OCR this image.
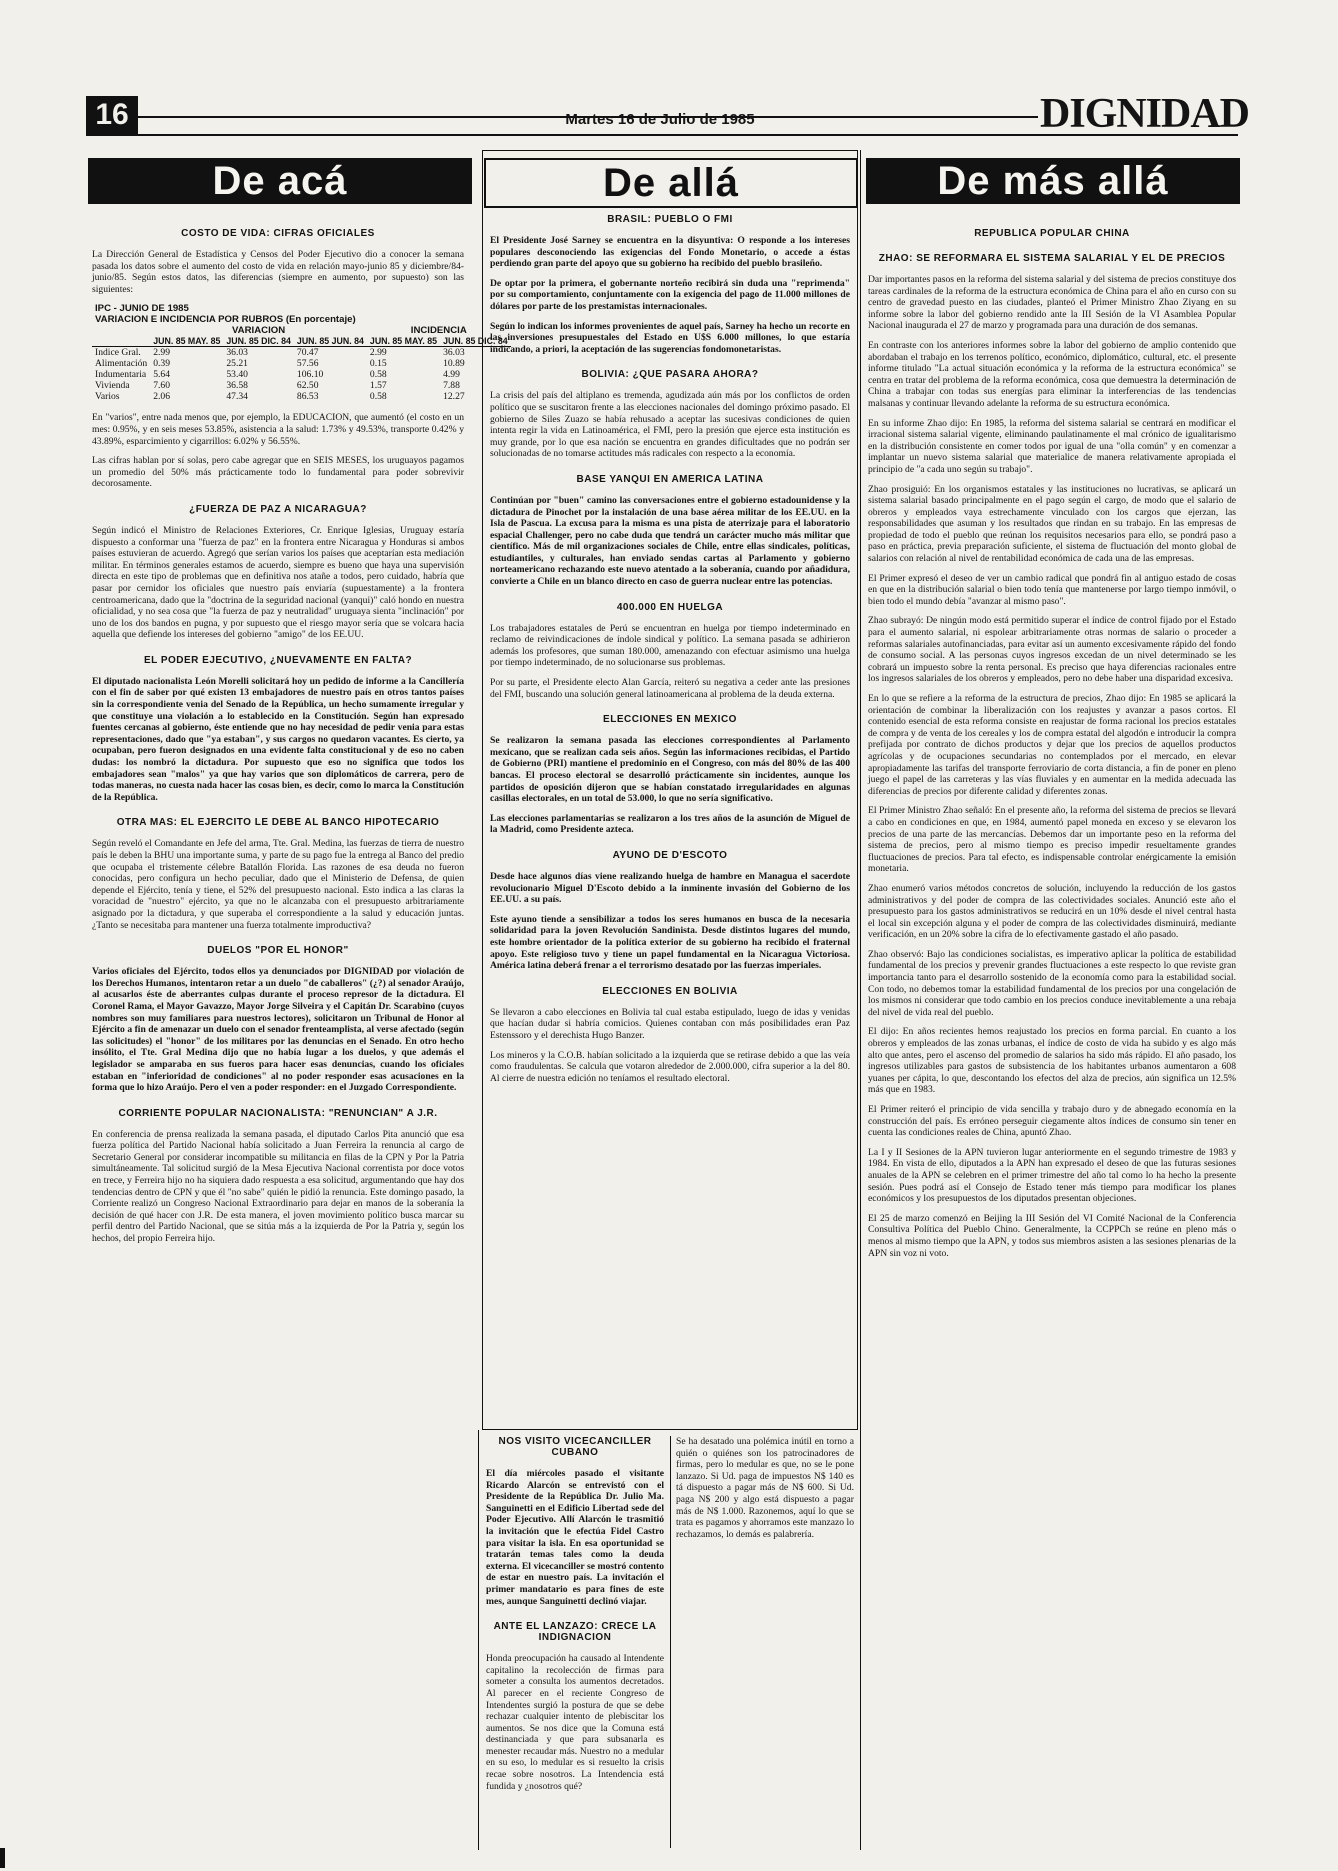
16	Martes 16 de Julio de 1985	DIGNIDAD
De acá	De allá	De más allá
COSTO DE VIDA: CIFRAS OFICIALES

La Dirección General de Estadística y Censos del Poder Ejecutivo dio a conocer la semana pasada los datos sobre el aumento del costo de vida en relación mayo-junio 85 y diciembre/84-junio/85. Según estos datos, las diferencias (siempre en aumento, por supuesto) son las siguientes:

IPC - JUNIO DE 1985					
VARIACION E INCIDENCIA POR RUBROS (En porcentaje)					
	VARIACION			INCIDENCIA	
	JUN. 85 MAY. 85	JUN. 85 DIC. 84	JUN. 85 JUN. 84	JUN. 85 MAY. 85	JUN. 85 DIC. 84
Indice Gral.	2.99	36.03	70.47	2.99	36.03
Alimentación	0.39	25.21	57.56	0.15	10.89
Indumentaria	5.64	53.40	106.10	0.58	4.99
Vivienda	7.60	36.58	62.50	1.57	7.88
Varios	2.06	47.34	86.53	0.58	12.27

En "varios", entre nada menos que, por ejemplo, la EDUCACION, que aumentó (el costo en un mes: 0.95%, y en seis meses 53.85%, asistencia a la salud: 1.73% y 49.53%, transporte 0.42% y 43.89%, esparcimiento y cigarrillos: 6.02% y 56.55%.

Las cifras hablan por sí solas, pero cabe agregar que en SEIS MESES, los uruguayos pagamos un promedio del 50% más prácticamente todo lo fundamental para poder sobrevivir decorosamente.

¿FUERZA DE PAZ A NICARAGUA?

Según indicó el Ministro de Relaciones Exteriores, Cr. Enrique Iglesias, Uruguay estaría dispuesto a conformar una "fuerza de paz" en la frontera entre Nicaragua y Honduras si ambos países estuvieran de acuerdo. Agregó que serían varios los países que aceptarían esta mediación militar. En términos generales estamos de acuerdo, siempre es bueno que haya una supervisión directa en este tipo de problemas que en definitiva nos atañe a todos, pero cuidado, habría que pasar por cernidor los oficiales que nuestro país enviaría (supuestamente) a la frontera centroamericana, dado que la "doctrina de la seguridad nacional (yanqui)" caló hondo en nuestra oficialidad, y no sea cosa que "la fuerza de paz y neutralidad" uruguaya sienta "inclinación" por uno de los dos bandos en pugna, y por supuesto que el riesgo mayor sería que se volcara hacia aquella que defiende los intereses del gobierno "amigo" de los EE.UU.

EL PODER EJECUTIVO, ¿NUEVAMENTE EN FALTA?

El diputado nacionalista León Morelli solicitará hoy un pedido de informe a la Cancillería con el fin de saber por qué existen 13 embajadores de nuestro país en otros tantos países sin la correspondiente venia del Senado de la República, un hecho sumamente irregular y que constituye una violación a lo establecido en la Constitución. Según han expresado fuentes cercanas al gobierno, éste entiende que no hay necesidad de pedir venia para estas representaciones, dado que "ya estaban", y sus cargos no quedaron vacantes. Es cierto, ya ocupaban, pero fueron designados en una evidente falta constitucional y de eso no caben dudas: los nombró la dictadura. Por supuesto que eso no significa que todos los embajadores sean "malos" ya que hay varios que son diplomáticos de carrera, pero de todas maneras, no cuesta nada hacer las cosas bien, es decir, como lo marca la Constitución de la República.

OTRA MAS: EL EJERCITO LE DEBE AL BANCO HIPOTECARIO

Según reveló el Comandante en Jefe del arma, Tte. Gral. Medina, las fuerzas de tierra de nuestro país le deben la BHU una importante suma, y parte de su pago fue la entrega al Banco del predio que ocupaba el tristemente célebre Batallón Florida. Las razones de esa deuda no fueron conocidas, pero configura un hecho peculiar, dado que el Ministerio de Defensa, de quien depende el Ejército, tenía y tiene, el 52% del presupuesto nacional. Esto indica a las claras la voracidad de "nuestro" ejército, ya que no le alcanzaba con el presupuesto arbitrariamente asignado por la dictadura, y que superaba el correspondiente a la salud y educación juntas. ¿Tanto se necesitaba para mantener una fuerza totalmente improductiva?

DUELOS "POR EL HONOR"

Varios oficiales del Ejército, todos ellos ya denunciados por DIGNIDAD por violación de los Derechos Humanos, intentaron retar a un duelo "de caballeros" (¿?) al senador Araújo, al acusarlos éste de aberrantes culpas durante el proceso represor de la dictadura. El Coronel Rama, el Mayor Gavazzo, Mayor Jorge Silveira y el Capitán Dr. Scarabino (cuyos nombres son muy familiares para nuestros lectores), solicitaron un Tribunal de Honor al Ejército a fin de amenazar un duelo con el senador frenteamplista, al verse afectado (según las solicitudes) el "honor" de los militares por las denuncias en el Senado. En otro hecho insólito, el Tte. Gral Medina dijo que no había lugar a los duelos, y que además el legislador se amparaba en sus fueros para hacer esas denuncias, cuando los oficiales estaban en "inferioridad de condiciones" al no poder responder esas acusaciones en la forma que lo hizo Araújo. Pero el ven a poder responder: en el Juzgado Correspondiente.

CORRIENTE POPULAR NACIONALISTA: "RENUNCIAN" A J.R.

En conferencia de prensa realizada la semana pasada, el diputado Carlos Pita anunció que esa fuerza política del Partido Nacional había solicitado a Juan Ferreira la renuncia al cargo de Secretario General por considerar incompatible su militancia en filas de la CPN y Por la Patria simultáneamente. Tal solicitud surgió de la Mesa Ejecutiva Nacional correntista por doce votos en trece, y Ferreira hijo no ha siquiera dado respuesta a esa solicitud, argumentando que hay dos tendencias dentro de CPN y que él "no sabe" quién le pidió la renuncia. Este domingo pasado, la Corriente realizó un Congreso Nacional Extraordinario para dejar en manos de la soberanía la decisión de qué hacer con J.R. De esta manera, el joven movimiento político busca marcar su perfil dentro del Partido Nacional, que se sitúa más a la izquierda de Por la Patria y, según los hechos, del propio Ferreira hijo.

BRASIL: PUEBLO O FMI

El Presidente José Sarney se encuentra en la disyuntiva: O responde a los intereses populares desconociendo las exigencias del Fondo Monetario, o accede a éstas perdiendo gran parte del apoyo que su gobierno ha recibido del pueblo brasileño.

De optar por la primera, el gobernante norteño recibirá sin duda una "reprimenda" por su comportamiento, conjuntamente con la exigencia del pago de 11.000 millones de dólares por parte de los prestamistas internacionales.

Según lo indican los informes provenientes de aquel país, Sarney ha hecho un recorte en las inversiones presupuestales del Estado en U$S 6.000 millones, lo que estaría indicando, a priori, la aceptación de las sugerencias fondomonetaristas.

BOLIVIA: ¿QUE PASARA AHORA?

La crisis del país del altiplano es tremenda, agudizada aún más por los conflictos de orden político que se suscitaron frente a las elecciones nacionales del domingo próximo pasado. El gobierno de Siles Zuazo se había rehusado a aceptar las sucesivas condiciones de quien intenta regir la vida en Latinoamérica, el FMI, pero la presión que ejerce esta institución es muy grande, por lo que esa nación se encuentra en grandes dificultades que no podrán ser solucionadas de no tomarse actitudes más radicales con respecto a la economía.

BASE YANQUI EN AMERICA LATINA

Continúan por "buen" camino las conversaciones entre el gobierno estadounidense y la dictadura de Pinochet por la instalación de una base aérea militar de los EE.UU. en la Isla de Pascua. La excusa para la misma es una pista de aterrizaje para el laboratorio espacial Challenger, pero no cabe duda que tendrá un carácter mucho más militar que científico. Más de mil organizaciones sociales de Chile, entre ellas sindicales, políticas, estudiantiles, y culturales, han enviado sendas cartas al Parlamento y gobierno norteamericano rechazando este nuevo atentado a la soberanía, cuando por añadidura, convierte a Chile en un blanco directo en caso de guerra nuclear entre las potencias.

400.000 EN HUELGA

Los trabajadores estatales de Perú se encuentran en huelga por tiempo indeterminado en reclamo de reivindicaciones de índole sindical y político. La semana pasada se adhirieron además los profesores, que suman 180.000, amenazando con efectuar asimismo una huelga por tiempo indeterminado, de no solucionarse sus problemas.

Por su parte, el Presidente electo Alan García, reiteró su negativa a ceder ante las presiones del FMI, buscando una solución general latinoamericana al problema de la deuda externa.

ELECCIONES EN MEXICO

Se realizaron la semana pasada las elecciones correspondientes al Parlamento mexicano, que se realizan cada seis años. Según las informaciones recibidas, el Partido de Gobierno (PRI) mantiene el predominio en el Congreso, con más del 80% de las 400 bancas. El proceso electoral se desarrolló prácticamente sin incidentes, aunque los partidos de oposición dijeron que se habían constatado irregularidades en algunas casillas electorales, en un total de 53.000, lo que no sería significativo.

Las elecciones parlamentarias se realizaron a los tres años de la asunción de Miguel de la Madrid, como Presidente azteca.

AYUNO DE D'ESCOTO

Desde hace algunos días viene realizando huelga de hambre en Managua el sacerdote revolucionario Miguel D'Escoto debido a la inminente invasión del Gobierno de los EE.UU. a su país.

Este ayuno tiende a sensibilizar a todos los seres humanos en busca de la necesaria solidaridad para la joven Revolución Sandinista. Desde distintos lugares del mundo, este hombre orientador de la política exterior de su gobierno ha recibido el fraternal apoyo. Este religioso tuvo y tiene un papel fundamental en la Nicaragua Victoriosa. América latina deberá frenar a el terrorismo desatado por las fuerzas imperiales.

ELECCIONES EN BOLIVIA

Se llevaron a cabo elecciones en Bolivia tal cual estaba estipulado, luego de idas y venidas que hacían dudar si habría comicios. Quienes contaban con más posibilidades eran Paz Estenssoro y el derechista Hugo Banzer.

Los mineros y la C.O.B. habían solicitado a la izquierda que se retirase debido a que las veía como fraudulentas. Se calcula que votaron alrededor de 2.000.000, cifra superior a la del 80. Al cierre de nuestra edición no teníamos el resultado electoral.

NOS VISITO VICECANCILLER CUBANO

El día miércoles pasado el visitante Ricardo Alarcón se entrevistó con el Presidente de la República Dr. Julio Ma. Sanguinetti en el Edificio Libertad sede del Poder Ejecutivo. Allí Alarcón le trasmitió la invitación que le efectúa Fidel Castro para visitar la isla. En esa oportunidad se tratarán temas tales como la deuda externa. El vicecanciller se mostró contento de estar en nuestro país. La invitación el primer mandatario es para fines de este mes, aunque Sanguinetti declinó viajar.

ANTE EL LANZAZO: CRECE LA INDIGNACION

Honda preocupación ha causado al Intendente capitalino la recolección de firmas para someter a consulta los aumentos decretados. Al parecer en el reciente Congreso de Intendentes surgió la postura de que se debe rechazar cualquier intento de plebiscitar los aumentos. Se nos dice que la Comuna está destinanciada y que para subsanarla es menester recaudar más. Nuestro no a medular en su eso, lo medular es si resuelto la crisis recae sobre nosotros. La Intendencia está fundida y ¿nosotros qué?

Se ha desatado una polémica inútil en torno a quién o quiénes son los patrocinadores de firmas, pero lo medular es que, no se le pone lanzazo. Si Ud. paga de impuestos N$ 140 es tá dispuesto a pagar más de N$ 600. Si Ud. paga N$ 200 y algo está dispuesto a pagar más de N$ 1.000. Razonemos, aquí lo que se trata es pagamos y ahorramos este manzazo lo rechazamos, lo demás es palabrería.

REPUBLICA POPULAR CHINA
ZHAO: SE REFORMARA EL SISTEMA SALARIAL Y EL DE PRECIOS

Dar importantes pasos en la reforma del sistema salarial y del sistema de precios constituye dos tareas cardinales de la reforma de la estructura económica de China para el año en curso con su centro de gravedad puesto en las ciudades, planteó el Primer Ministro Zhao Ziyang en su informe sobre la labor del gobierno rendido ante la III Sesión de la VI Asamblea Popular Nacional inaugurada el 27 de marzo y programada para una duración de dos semanas.

En contraste con los anteriores informes sobre la labor del gobierno de amplio contenido que abordaban el trabajo en los terrenos político, económico, diplomático, cultural, etc. el presente informe titulado "La actual situación económica y la reforma de la estructura económica" se centra en tratar del problema de la reforma económica, cosa que demuestra la determinación de China a trabajar con todas sus energías para eliminar la interferencias de las tendencias malsanas y continuar llevando adelante la reforma de su estructura económica.

En su informe Zhao dijo: En 1985, la reforma del sistema salarial se centrará en modificar el irracional sistema salarial vigente, eliminando paulatinamente el mal crónico de igualitarismo en la distribución consistente en comer todos por igual de una "olla común" y en comenzar a implantar un nuevo sistema salarial que materialice de manera relativamente apropiada el principio de "a cada uno según su trabajo".

Zhao prosiguió: En los organismos estatales y las instituciones no lucrativas, se aplicará un sistema salarial basado principalmente en el pago según el cargo, de modo que el salario de obreros y empleados vaya estrechamente vinculado con los cargos que ejerzan, las responsabilidades que asuman y los resultados que rindan en su trabajo. En las empresas de propiedad de todo el pueblo que reúnan los requisitos necesarios para ello, se pondrá paso a paso en práctica, previa preparación suficiente, el sistema de fluctuación del monto global de salarios con relación al nivel de rentabilidad económica de cada una de las empresas.

El Primer expresó el deseo de ver un cambio radical que pondrá fin al antiguo estado de cosas en que en la distribución salarial o bien todo tenía que mantenerse por largo tiempo inmóvil, o bien todo el mundo debía "avanzar al mismo paso".

Zhao subrayó: De ningún modo está permitido superar el índice de control fijado por el Estado para el aumento salarial, ni espolear arbitrariamente otras normas de salario o proceder a reformas salariales autofinanciadas, para evitar así un aumento excesivamente rápido del fondo de consumo social. A las personas cuyos ingresos excedan de un nivel determinado se les cobrará un impuesto sobre la renta personal. Es preciso que haya diferencias racionales entre los ingresos salariales de los obreros y empleados, pero no debe haber una disparidad excesiva.

En lo que se refiere a la reforma de la estructura de precios, Zhao dijo: En 1985 se aplicará la orientación de combinar la liberalización con los reajustes y avanzar a pasos cortos. El contenido esencial de esta reforma consiste en reajustar de forma racional los precios estatales de compra y de venta de los cereales y los de compra estatal del algodón e introducir la compra prefijada por contrato de dichos productos y dejar que los precios de aquellos productos agrícolas y de ocupaciones secundarias no contemplados por el mercado, en elevar apropiadamente las tarifas del transporte ferroviario de corta distancia, a fin de poner en pleno juego el papel de las carreteras y las vías fluviales y en aumentar en la medida adecuada las diferencias de precios por diferente calidad y diferentes zonas.

El Primer Ministro Zhao señaló: En el presente año, la reforma del sistema de precios se llevará a cabo en condiciones en que, en 1984, aumentó papel moneda en exceso y se elevaron los precios de una parte de las mercancías. Debemos dar un importante peso en la reforma del sistema de precios, pero al mismo tiempo es preciso impedir resueltamente grandes fluctuaciones de precios. Para tal efecto, es indispensable controlar enérgicamente la emisión monetaria.

Zhao enumeró varios métodos concretos de solución, incluyendo la reducción de los gastos administrativos y del poder de compra de las colectividades sociales. Anunció este año el presupuesto para los gastos administrativos se reducirá en un 10% desde el nivel central hasta el local sin excepción alguna y el poder de compra de las colectividades disminuirá, mediante verificación, en un 20% sobre la cifra de lo efectivamente gastado el año pasado.

Zhao observó: Bajo las condiciones socialistas, es imperativo aplicar la política de estabilidad fundamental de los precios y prevenir grandes fluctuaciones a este respecto lo que reviste gran importancia tanto para el desarrollo sostenido de la economía como para la estabilidad social. Con todo, no debemos tomar la estabilidad fundamental de los precios por una congelación de los mismos ni considerar que todo cambio en los precios conduce inevitablemente a una rebaja del nivel de vida real del pueblo.

El dijo: En años recientes hemos reajustado los precios en forma parcial. En cuanto a los obreros y empleados de las zonas urbanas, el índice de costo de vida ha subido y es algo más alto que antes, pero el ascenso del promedio de salarios ha sido más rápido. El año pasado, los ingresos utilizables para gastos de subsistencia de los habitantes urbanos aumentaron a 608 yuanes per cápita, lo que, descontando los efectos del alza de precios, aún significa un 12.5% más que en 1983.

El Primer reiteró el principio de vida sencilla y trabajo duro y de abnegado economía en la construcción del país. Es erróneo perseguir ciegamente altos índices de consumo sin tener en cuenta las condiciones reales de China, apuntó Zhao.

La I y II Sesiones de la APN tuvieron lugar anteriormente en el segundo trimestre de 1983 y 1984. En vista de ello, diputados a la APN han expresado el deseo de que las futuras sesiones anuales de la APN se celebren en el primer trimestre del año tal como lo ha hecho la presente sesión. Pues podrá así el Consejo de Estado tener más tiempo para modificar los planes económicos y los presupuestos de los diputados presentan objeciones.

El 25 de marzo comenzó en Beijing la III Sesión del VI Comité Nacional de la Conferencia Consultiva Política del Pueblo Chino. Generalmente, la CCPPCh se reúne en pleno más o menos al mismo tiempo que la APN, y todos sus miembros asisten a las sesiones plenarias de la APN sin voz ni voto.
